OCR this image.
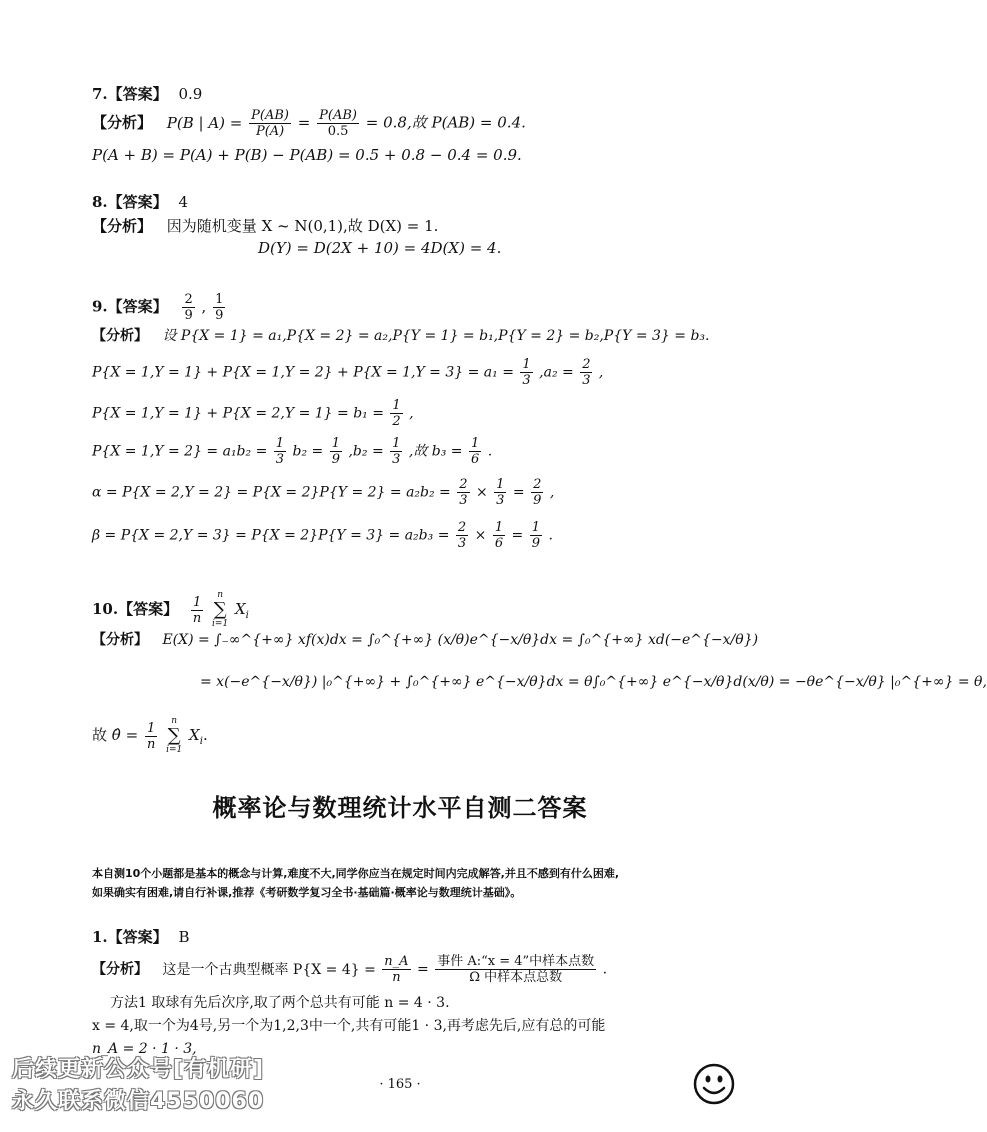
7.【答案】 0.9
【分析】 P(B | $A) = \frac{P(AB)}{P(A)} = \frac{P(AB)}{0.5} = 0.8$,故 P(AB) = 0.4.
P(A + B) = P(A) + P(B) − P(AB) = 0.5 + 0.8 − 0.4 = 0.9.
8.【答案】 4
【分析】 因为随机变量 X ~ N(0,1),故 D(X) = 1.
D(Y) = D(2X + 10) = 4D(X) = 4.
9.【答案】 $\frac{2}{9}$ , $\frac{1}{9}$
【分析】 设 P{X = 1} = a₁,P{X = 2} = a₂,P{Y = 1} = b₁,P{Y = 2} = b₂,P{Y = 3} = b₃.
$P\{X = 1,Y = 1\} + P\{X = 1,Y = 2\} + P\{X = 1,Y = 3\} = a_1 = \frac{1}{3} ,a_2 = \frac{2}{3}$ ,
$P\{X = 1,Y = 1\} + P\{X = 2,Y = 1\} = b_1 = \frac{1}{2}$ ,
$P\{X = 1,Y = 2\} = a_1b_2 = \frac{1}{3} b_2 = \frac{1}{9} ,b_2 = \frac{1}{3}$ ,故 $b_3 = \frac{1}{6}$ .
$\alpha = P\{X = 2,Y = 2\} = P\{X = 2\}P\{Y = 2\} = a_2b_2 = \frac{2}{3} \times \frac{1}{3} = \frac{2}{9}$ ,
$\beta = P\{X = 2,Y = 3\} = P\{X = 2\}P\{Y = 3\} = a_2b_3 = \frac{2}{3} \times \frac{1}{6} = \frac{1}{9}$ .
10.【答案】 $\frac{1}{n}$
	n
∑
i=1
$X_i$
【分析】 E(X) = ∫₋∞^{+∞} xf(x)dx = ∫₀^{+∞} (x/θ)e^{−x/θ}dx = ∫₀^{+∞} xd(−e^{−x/θ})
= x(−e^{−x/θ}) |₀^{+∞} + ∫₀^{+∞} e^{−x/θ}dx = θ∫₀^{+∞} e^{−x/θ}d(x/θ) = −θe^{−x/θ} |₀^{+∞} = θ,
故 θ̂ = $\frac{1}{n}$
	n
∑
i=1
$X_i$.
概率论与数理统计水平自测二答案
本自测10个小题都是基本的概念与计算,难度不大,同学你应当在规定时间内完成解答,并且不感到有什么困难,
如果确实有困难,请自行补课,推荐《考研数学复习全书·基础篇·概率论与数理统计基础》。
1.【答案】 B
【分析】 这是一个古典型概率 $P\{X = 4\} = \frac{n\_A}{n} = \frac{\text{事件 A:“x = 4”中样本点数}}{\text{Ω 中样本点总数}}$ .
方法1 取球有先后次序,取了两个总共有可能 n = 4 · 3.
x = 4,取一个为4号,另一个为1,2,3中一个,共有可能1 · 3,再考虑先后,应有总的可能
n_A = 2 · 1 · 3,
· 165 ·
后续更新公众号[有机研]
永久联系微信4550060
